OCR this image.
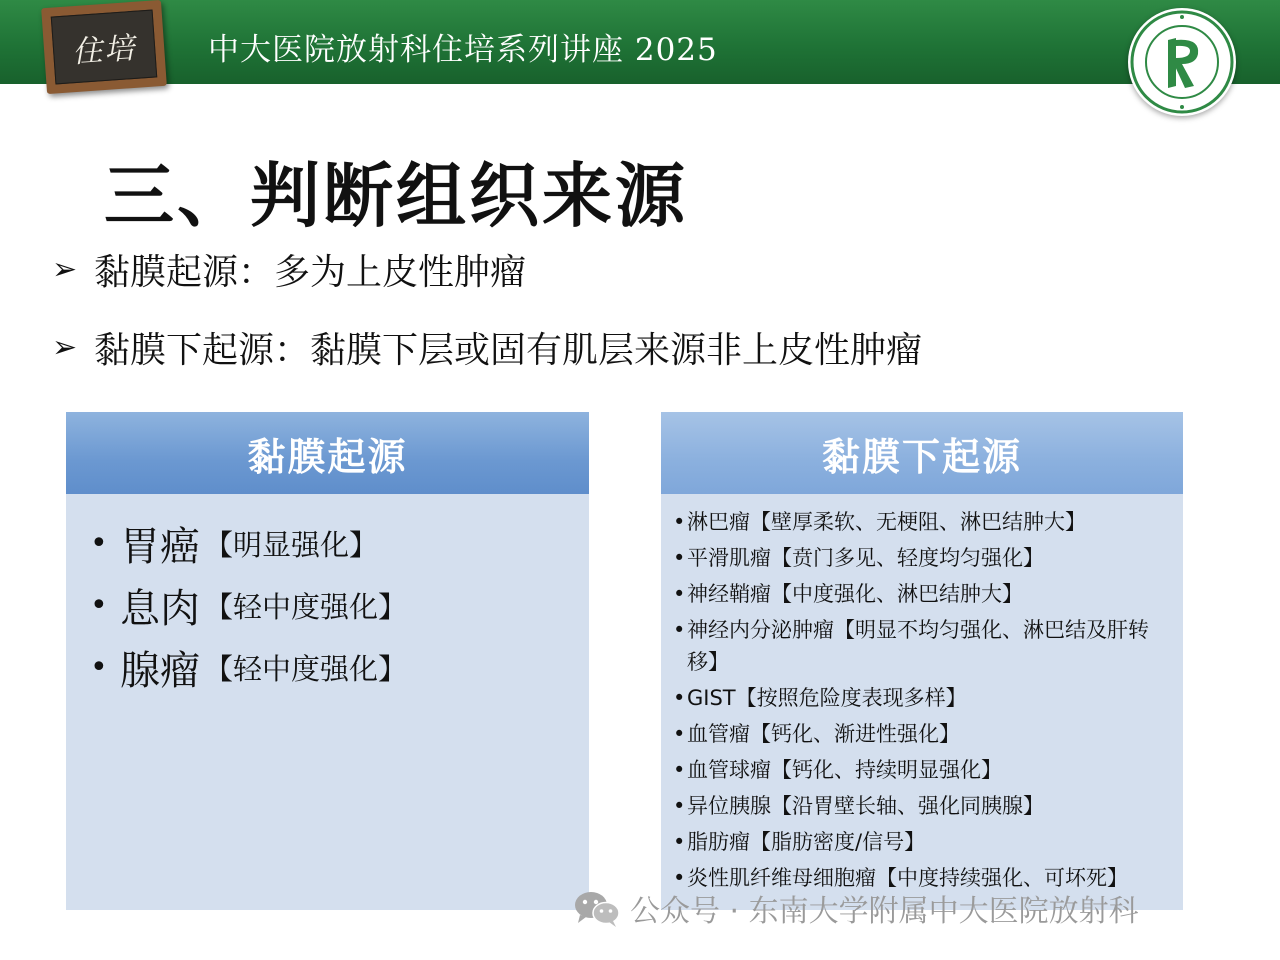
住培 中大医院放射科住培系列讲座 2025
三、判断组织来源
➢ 黏膜起源：多为上皮性肿瘤
➢ 黏膜下起源：黏膜下层或固有肌层来源非上皮性肿瘤
黏膜起源
• 胃癌 【明显强化】
• 息肉 【轻中度强化】
• 腺瘤 【轻中度强化】
黏膜下起源
• 淋巴瘤【壁厚柔软、无梗阻、淋巴结肿大】
• 平滑肌瘤【贲门多见、轻度均匀强化】
• 神经鞘瘤【中度强化、淋巴结肿大】
• 神经内分泌肿瘤【明显不均匀强化、淋巴结及肝转移】
• GIST【按照危险度表现多样】
• 血管瘤【钙化、渐进性强化】
• 血管球瘤【钙化、持续明显强化】
• 异位胰腺【沿胃壁长轴、强化同胰腺】
• 脂肪瘤【脂肪密度/信号】
• 炎性肌纤维母细胞瘤【中度持续强化、可坏死】
公众号 · 东南大学附属中大医院放射科
